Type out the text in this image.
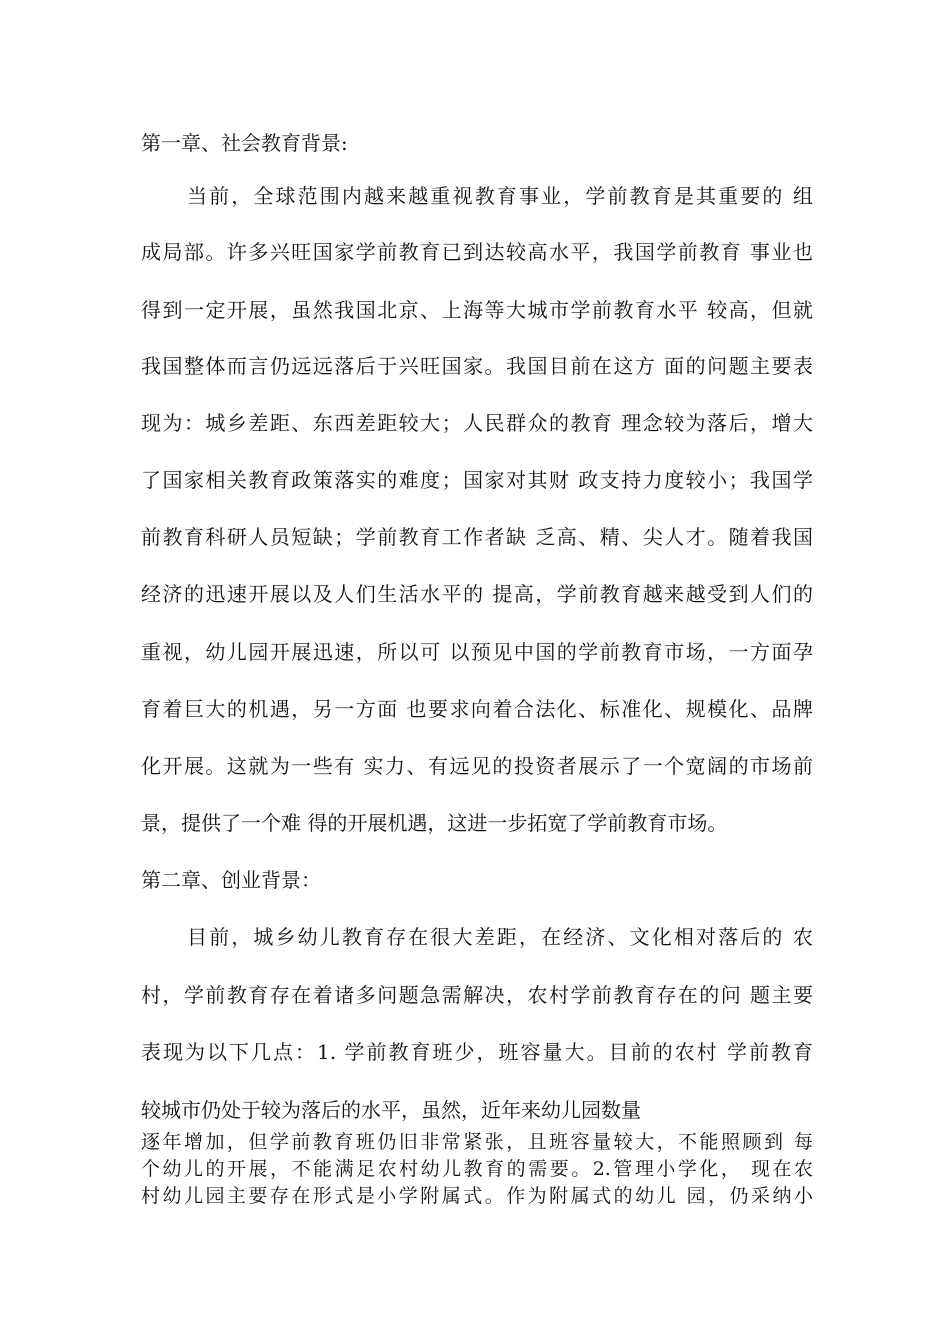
第一章、社会教育背景:
当前，全球范围内越来越重视教育事业，学前教育是其重要的 组
成局部。许多兴旺国家学前教育已到达较高水平，我国学前教育 事业也
得到一定开展，虽然我国北京、上海等大城市学前教育水平 较高，但就
我国整体而言仍远远落后于兴旺国家。我国目前在这方 面的问题主要表
现为：城乡差距、东西差距较大；人民群众的教育 理念较为落后，增大
了国家相关教育政策落实的难度；国家对其财 政支持力度较小；我国学
前教育科研人员短缺；学前教育工作者缺 乏高、精、尖人才。随着我国
经济的迅速开展以及人们生活水平的 提高，学前教育越来越受到人们的
重视，幼儿园开展迅速，所以可 以预见中国的学前教育市场，一方面孕
育着巨大的机遇，另一方面 也要求向着合法化、标准化、规模化、品牌
化开展。这就为一些有 实力、有远见的投资者展示了一个宽阔的市场前
景，提供了一个难 得的开展机遇，这进一步拓宽了学前教育市场。
第二章、创业背景：
目前，城乡幼儿教育存在很大差距，在经济、文化相对落后的 农
村，学前教育存在着诸多问题急需解决，农村学前教育存在的问 题主要
表现为以下几点：1. 学前教育班少，班容量大。目前的农村 学前教育
较城市仍处于较为落后的水平，虽然，近年来幼儿园数量
逐年增加，但学前教育班仍旧非常紧张，且班容量较大，不能照顾到 每
个幼儿的开展，不能满足农村幼儿教育的需要。2.管理小学化， 现在农
村幼儿园主要存在形式是小学附属式。作为附属式的幼儿 园，仍采纳小
